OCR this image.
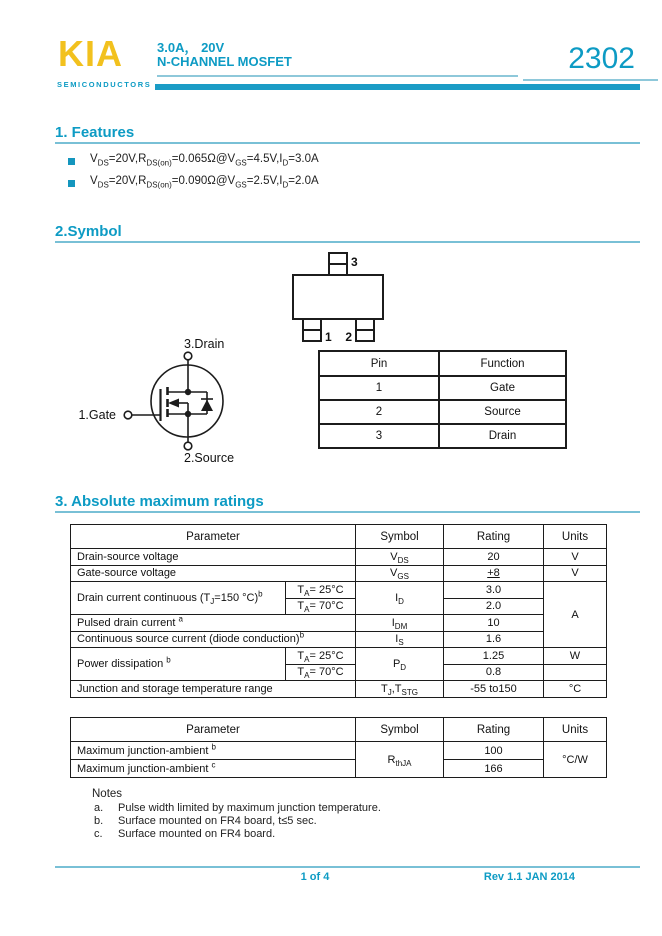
KIA
SEMICONDUCTORS
3.0A， 20V
N-CHANNEL MOSFET	2302
1. Features
$V_{DS}=20V,R_{DS(on)}=0.065\Omega@V_{GS}=4.5V,I_D=3.0A$
$V_{DS}=20V,R_{DS(on)}=0.090\Omega@V_{GS}=2.5V,I_D=2.0A$
2.Symbol
3
1 2
3.Drain
1.Gate
2.Source
Pin	Function
1	Gate
2	Source
3	Drain
3. Absolute maximum ratings
Parameter		Symbol	Rating	Units
Drain-source voltage		$V_{DS}$	20	V
Gate-source voltage		$V_{GS}$	+8	V
Drain current continuous ($T_J=150$ °C)$^b$	$T_A= 25^\circ C$	$I_D$	3.0	A
	$T_A= 70^\circ C$		2.0	
Pulsed drain current $^a$		$I_{DM}$	10	
Continuous source current (diode conduction)$^b$		$I_S$	1.6	
Power dissipation $^b$	$T_A= 25^\circ C$	$P_D$	1.25	W
	$T_A= 70^\circ C$		0.8	
Junction and storage temperature range		$T_J,T_{STG}$	-55 to150	°C
Parameter	Symbol	Rating	Units
Maximum junction-ambient $^b$	$R_{thJA}$	100	°C/W
Maximum junction-ambient $^c$		166	
Notes
a. Pulse width limited by maximum junction temperature.
b. Surface mounted on FR4 board, t≤5 sec.
c. Surface mounted on FR4 board.
1 of 4	Rev 1.1 JAN 2014
